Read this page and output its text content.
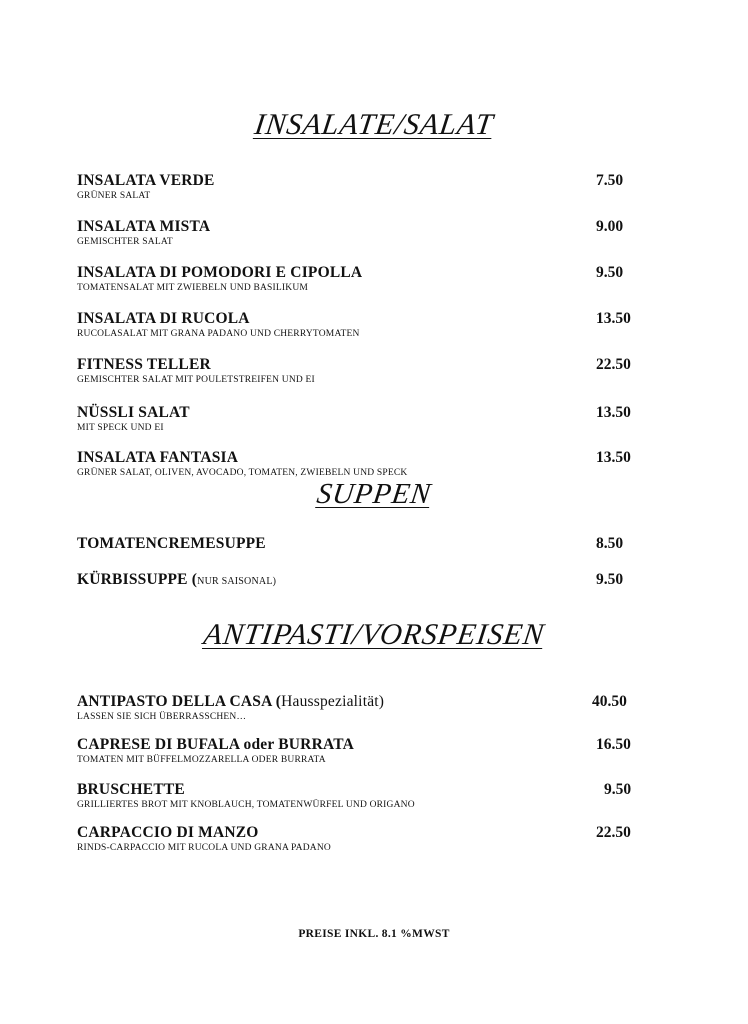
INSALATE/SALAT
INSALATA VERDE
GRÜNER SALAT
7.50
INSALATA MISTA
GEMISCHTER SALAT
9.00
INSALATA DI POMODORI E CIPOLLA
TOMATENSALAT MIT ZWIEBELN UND BASILIKUM
9.50
INSALATA DI RUCOLA
RUCOLASALAT MIT GRANA PADANO UND CHERRYTOMATEN
13.50
FITNESS TELLER
GEMISCHTER SALAT MIT POULETSTREIFEN UND EI
22.50
NÜSSLI SALAT
MIT SPECK UND EI
13.50
INSALATA FANTASIA
GRÜNER SALAT, OLIVEN, AVOCADO, TOMATEN, ZWIEBELN UND SPECK
13.50
SUPPEN
TOMATENCREMESUPPE	8.50
KÜRBISSUPPE (NUR SAISONAL)	9.50
ANTIPASTI/VORSPEISEN
ANTIPASTO DELLA CASA (Hausspezialität)
LASSEN SIE SICH ÜBERRASSCHEN…
40.50
CAPRESE DI BUFALA oder BURRATA
TOMATEN MIT BÜFFELMOZZARELLA ODER BURRATA
16.50
BRUSCHETTE
GRILLIERTES BROT MIT KNOBLAUCH, TOMATENWÜRFEL UND ORIGANO
9.50
CARPACCIO DI MANZO
RINDS-CARPACCIO MIT RUCOLA UND GRANA PADANO
22.50
PREISE INKL. 8.1 %MWST
